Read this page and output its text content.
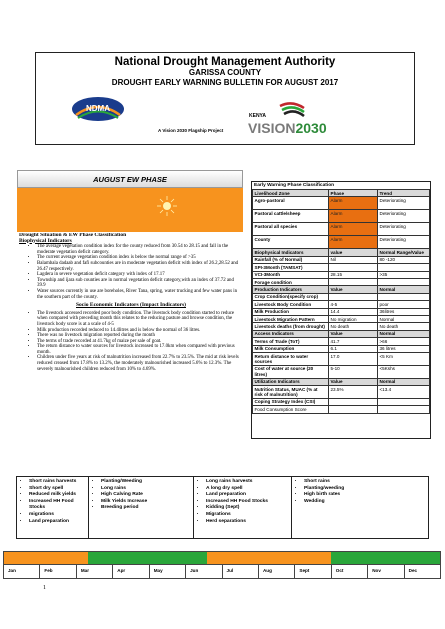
National Drought Management Authority
GARISSA COUNTY
DROUGHT EARLY WARNING BULLETIN FOR AUGUST 2017
NDMA
A Vision 2030 Flagship Project
KENYA
VISION2030
AUGUST EW PHASE
Drought Situation & EW Phase Classification
Biophysical Indicators
• The average vegetation condition index for the county reduced from 30.54 to 28.15 and fall in the moderate vegetation deficit category.
• The current average vegetation condition index is below the normal range of >35
• Balambala dadaab and fafi subcounties are in moderate vegetation deficit with index of 26.2,28.52 and 26.47 respectively.
• Lagdera in severe vegetation deficit category with index of 17.17
• Township and ijara sub counties are in normal vegetation deficit category,with an index of 37.72 and 39.9
• Water sources currently in use are boreholes, River Tana, spring, water trucking and few water pans in the southern part of the county.
Socio Economic Indicators (Impact Indicators)
• The livestock accessed recorded poor body condition. The livestock body condition started to reduce when compared with preceding month this relates to the reducing pasture and browse condition, the livestock body score is at a scale of 4-5
• Milk production recorded reduced to 14.4litres and is below the normal of 36 litres.
• There was no livestock migration reported during the month
• The terms of trade recorded at 41.7kg of maize per sale of goat.
• The return distance to water sources for livestock increased to 17.0km when compared with previous month.
• Children under five years at risk of malnutrition increased from 22.7% to 23.5%. The mid at risk levels reduced creased from 17.8% to 13.2%, the moderately malnourished increased 5.6% to 12.3%. The severely malnourished children reduced from 10% to 4.69%.
Early Warning Phase Classification
Livelihood Zone	Phase	Trend
Agro-pastoral	Alarm	Deteriorating
Pastoral cattle/sheep	Alarm	Deteriorating
Pastoral all species	Alarm	Deteriorating
County	Alarm	Deteriorating
Biophysical Indicators	value	Normal Range/Value
Rainfall (% of Normal)	Nil	80 -120
SPI-3Month (TAMSAT)		
VCI-3Month	28.15	>35
Forage condition		
Production Indicators	Value	Normal
Crop Condition(specify crop)		
Livestock Body Condition	4-5	poor
Milk Production	14.4	36litres
Livestock Migration Pattern	No migration	Normal
Livestock deaths (from drought)	No death	No death
Access Indicators	Value	Normal
Terms of Trade (ToT)	41.7	>66
Milk Consumption	6.1	36 litres
Return distance to water sources	17.0	<5 Km
Cost of water at source (20 litres)	5-10	<5Kshs
Utilization Indicators	Value	Normal
Nutrition Status, MUAC (% at risk of malnutrition)	23.5%	<13.4
Coping Strategy Index (CSI)		
Food Consumption Score		
• Short rains harvests
• Short dry spell
• Reduced milk yields
• Increased HH Food Stocks
• migrations
• Land preparation
• Planting/Weeding
• Long rains
• High Calving Rate
• Milk Yields Increase
• Breeding period
• Long rains harvests
• A long dry spell
• Land preparation
• Increased HH Food Stocks
• Kidding (Sept)
• Migrations
• Herd separations
• Short rains
• Planting/weeding
• High birth rates
• Wedding
Jan	Feb	Mar	Apr	May	Jun	Jul	Aug	Sept	Oct	Nov	Dec
1
